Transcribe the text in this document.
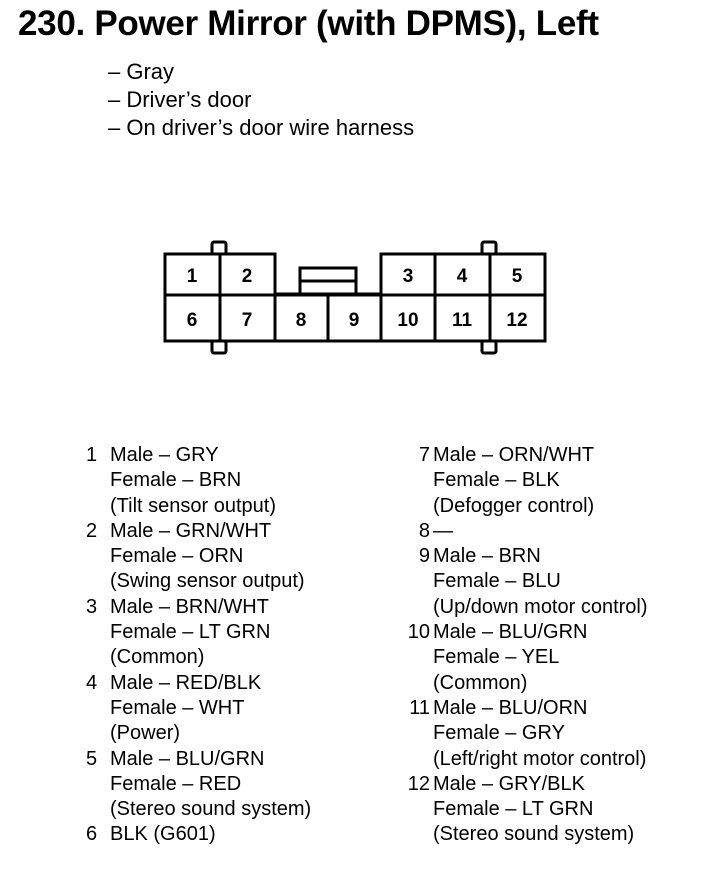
230. Power Mirror (with DPMS), Left
– Gray
– Driver’s door
– On driver’s door wire harness
1 2	3 4 5
6 7 8 9 10 11 12
1 Male – GRY
Female – BRN
(Tilt sensor output)
2 Male – GRN/WHT
Female – ORN
(Swing sensor output)
3 Male – BRN/WHT
Female – LT GRN
(Common)
4 Male – RED/BLK
Female – WHT
(Power)
5 Male – BLU/GRN
Female – RED
(Stereo sound system)
6 BLK (G601)
7 Male – ORN/WHT
Female – BLK
(Defogger control)
8 —
9 Male – BRN
Female – BLU
(Up/down motor control)
10 Male – BLU/GRN
Female – YEL
(Common)
11 Male – BLU/ORN
Female – GRY
(Left/right motor control)
12 Male – GRY/BLK
Female – LT GRN
(Stereo sound system)
